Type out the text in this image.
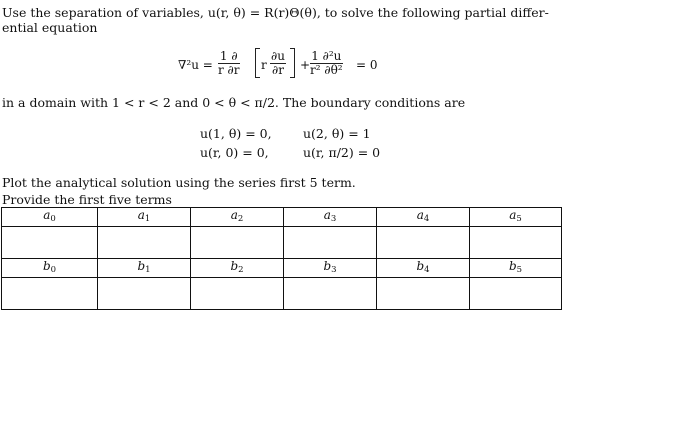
Use the separation of variables, u(r, θ) = R(r)Θ(θ), to solve the following partial differ-
ential equation
$\nabla^2u = \frac{1 \partial}{r \partial r}$ r $\frac{\partial u}{\partial r} + \frac{\text{1 ∂²u}}{\text{r² ∂θ²}} = 0$
in a domain with 1 < r < 2 and 0 < θ < π/2. The boundary conditions are
u(1, θ) = 0,	u(2, θ) = 1
u(r, 0) = 0,	u(r, π/2) = 0
Plot the analytical solution using the series first 5 term.
Provide the first five terms
$a_0$	$a_1$	$a_2$	$a_3$	$a_4$	$a_5$

$b_0$	$b_1$	$b_2$	$b_3$	$b_4$	$b_5$
